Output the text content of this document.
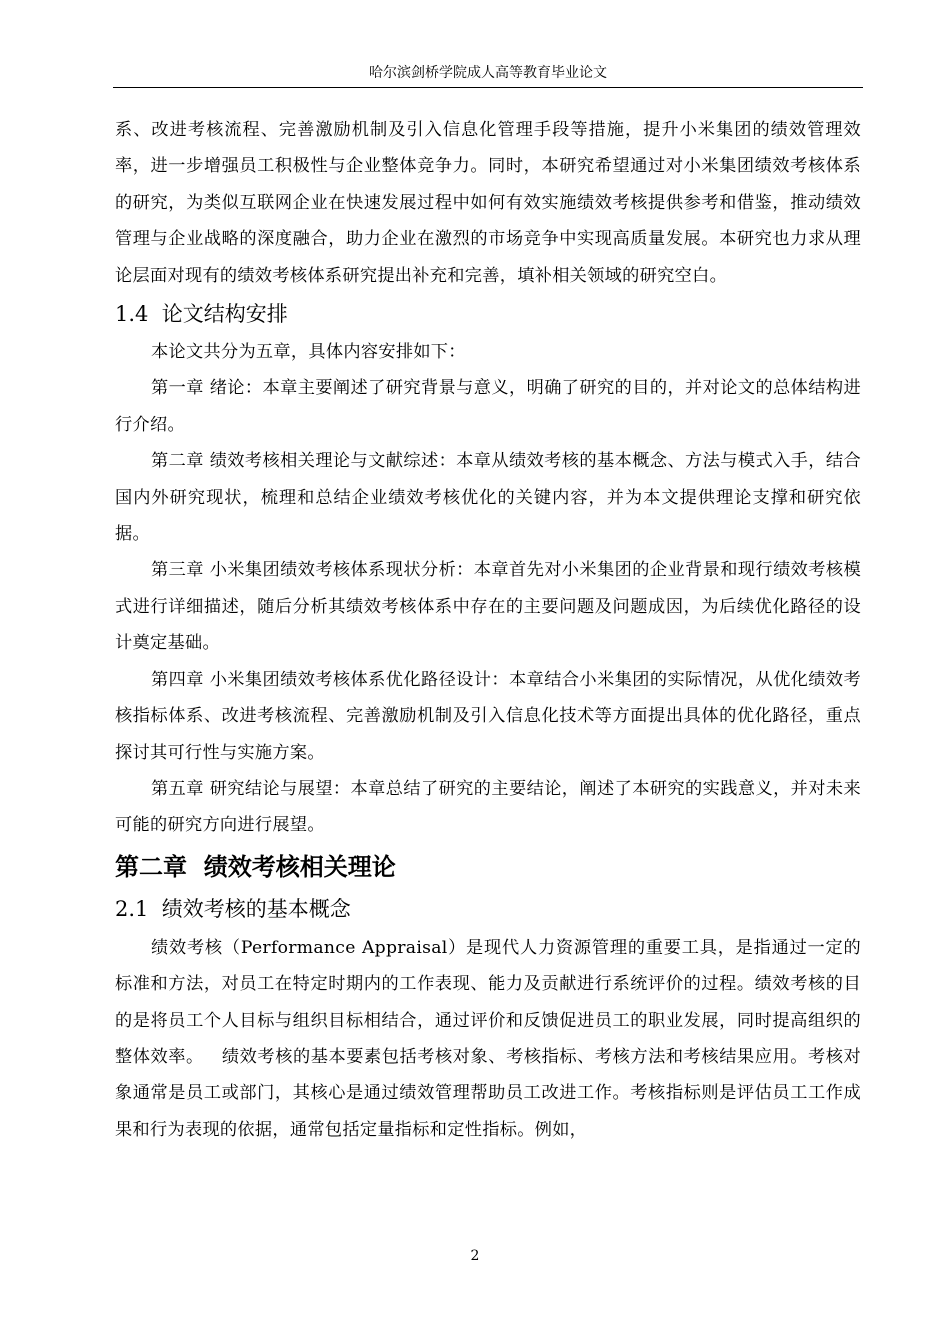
哈尔滨剑桥学院成人高等教育毕业论文

系、改进考核流程、完善激励机制及引入信息化管理手段等措施，提升小米集团的绩效管理效率，进一步增强员工积极性与企业整体竞争力。同时，本研究希望通过对小米集团绩效考核体系的研究，为类似互联网企业在快速发展过程中如何有效实施绩效考核提供参考和借鉴，推动绩效管理与企业战略的深度融合，助力企业在激烈的市场竞争中实现高质量发展。本研究也力求从理论层面对现有的绩效考核体系研究提出补充和完善，填补相关领域的研究空白。

1.4 论文结构安排

本论文共分为五章，具体内容安排如下：

第一章 绪论：本章主要阐述了研究背景与意义，明确了研究的目的，并对论文的总体结构进行介绍。

第二章 绩效考核相关理论与文献综述：本章从绩效考核的基本概念、方法与模式入手，结合国内外研究现状，梳理和总结企业绩效考核优化的关键内容，并为本文提供理论支撑和研究依据。

第三章 小米集团绩效考核体系现状分析：本章首先对小米集团的企业背景和现行绩效考核模式进行详细描述，随后分析其绩效考核体系中存在的主要问题及问题成因，为后续优化路径的设计奠定基础。

第四章 小米集团绩效考核体系优化路径设计：本章结合小米集团的实际情况，从优化绩效考核指标体系、改进考核流程、完善激励机制及引入信息化技术等方面提出具体的优化路径，重点探讨其可行性与实施方案。

第五章 研究结论与展望：本章总结了研究的主要结论，阐述了本研究的实践意义，并对未来可能的研究方向进行展望。

第二章  绩效考核相关理论
2.1 绩效考核的基本概念

绩效考核（Performance Appraisal）是现代人力资源管理的重要工具，是指通过一定的标准和方法，对员工在特定时期内的工作表现、能力及贡献进行系统评价的过程。绩效考核的目的是将员工个人目标与组织目标相结合，通过评价和反馈促进员工的职业发展，同时提高组织的整体效率。   绩效考核的基本要素包括考核对象、考核指标、考核方法和考核结果应用。考核对象通常是员工或部门，其核心是通过绩效管理帮助员工改进工作。考核指标则是评估员工工作成果和行为表现的依据，通常包括定量指标和定性指标。例如，

2
